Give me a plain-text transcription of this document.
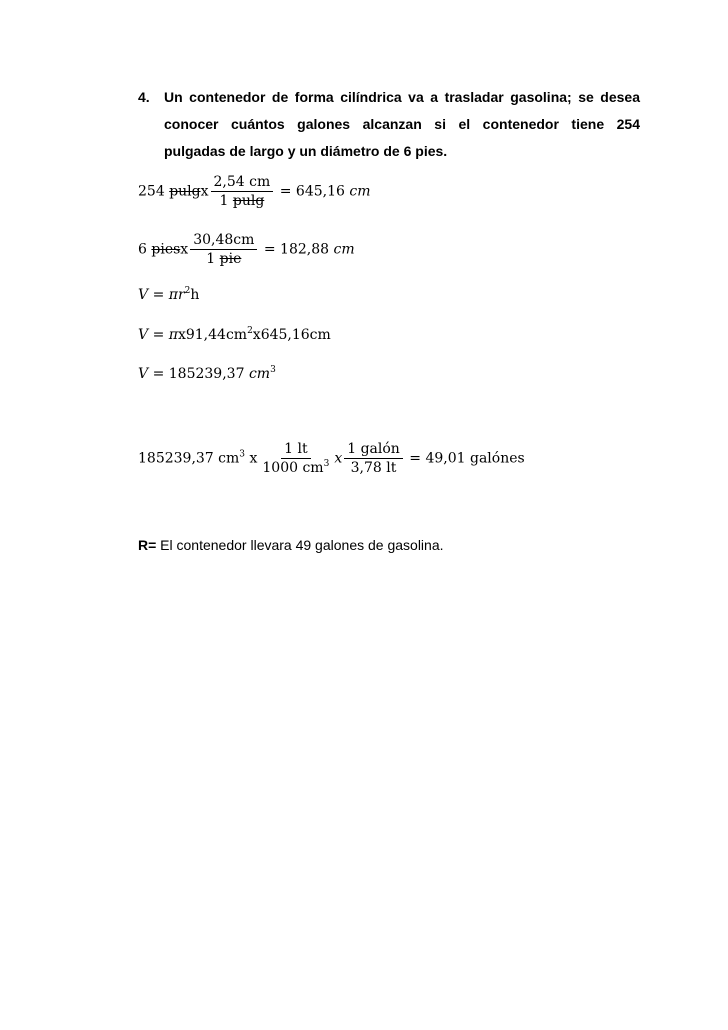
4. Un contenedor de forma cilíndrica va a trasladar gasolina; se desea
conocer cuántos galones alcanzan si el contenedor tiene 254
pulgadas de largo y un diámetro de 6 pies.
254 pulgx $\frac{2,54 cm}{1 pulg} = 645,16$ cm
6 piesx $\frac{30,48cm}{\text{1 pie}} = 182,88$ cm
$V = \pi r^2h$
$V = \pi x91,44cm^2x645,16cm$
V = 185239,37 $cm^3$
185239,37 $cm^3$ x $\frac{1 lt}{1000 cm^3}$ x $\frac{\text{1 galón}}{3,78 lt} = 49,01$ galónes
R= El contenedor llevara 49 galones de gasolina.
